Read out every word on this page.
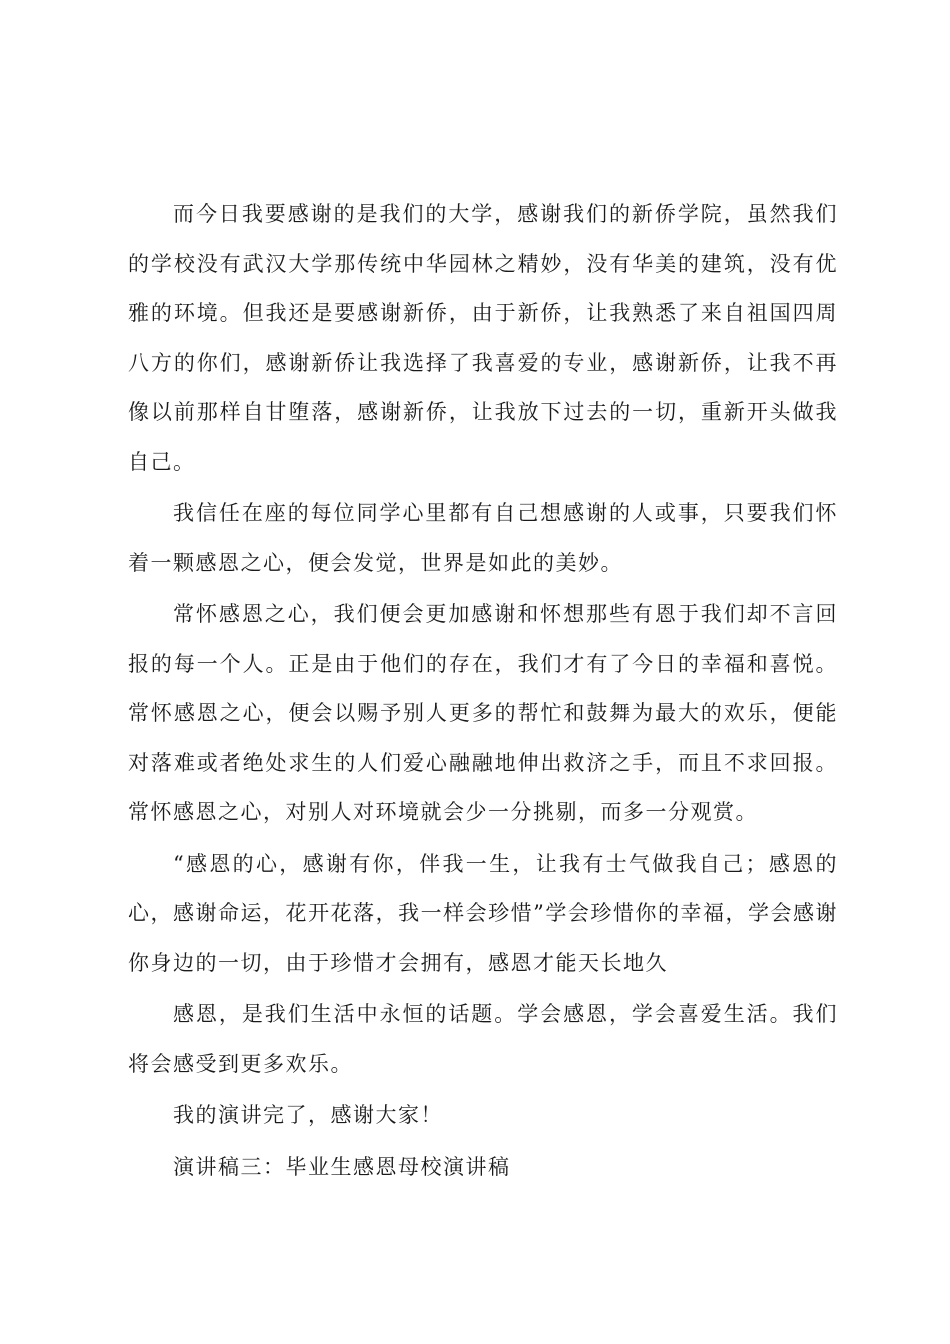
而今日我要感谢的是我们的大学，感谢我们的新侨学院，虽然我们的学校没有武汉大学那传统中华园林之精妙，没有华美的建筑，没有优雅的环境。但我还是要感谢新侨，由于新侨，让我熟悉了来自祖国四周八方的你们，感谢新侨让我选择了我喜爱的专业，感谢新侨，让我不再像以前那样自甘堕落，感谢新侨，让我放下过去的一切，重新开头做我自己。

我信任在座的每位同学心里都有自己想感谢的人或事，只要我们怀着一颗感恩之心，便会发觉，世界是如此的美妙。

常怀感恩之心，我们便会更加感谢和怀想那些有恩于我们却不言回报的每一个人。正是由于他们的存在，我们才有了今日的幸福和喜悦。常怀感恩之心，便会以赐予别人更多的帮忙和鼓舞为最大的欢乐，便能对落难或者绝处求生的人们爱心融融地伸出救济之手，而且不求回报。常怀感恩之心，对别人对环境就会少一分挑剔，而多一分观赏。

“感恩的心，感谢有你，伴我一生，让我有士气做我自己；感恩的心，感谢命运，花开花落，我一样会珍惜”学会珍惜你的幸福，学会感谢你身边的一切，由于珍惜才会拥有，感恩才能天长地久

感恩，是我们生活中永恒的话题。学会感恩，学会喜爱生活。我们将会感受到更多欢乐。

我的演讲完了，感谢大家！

演讲稿三：毕业生感恩母校演讲稿
